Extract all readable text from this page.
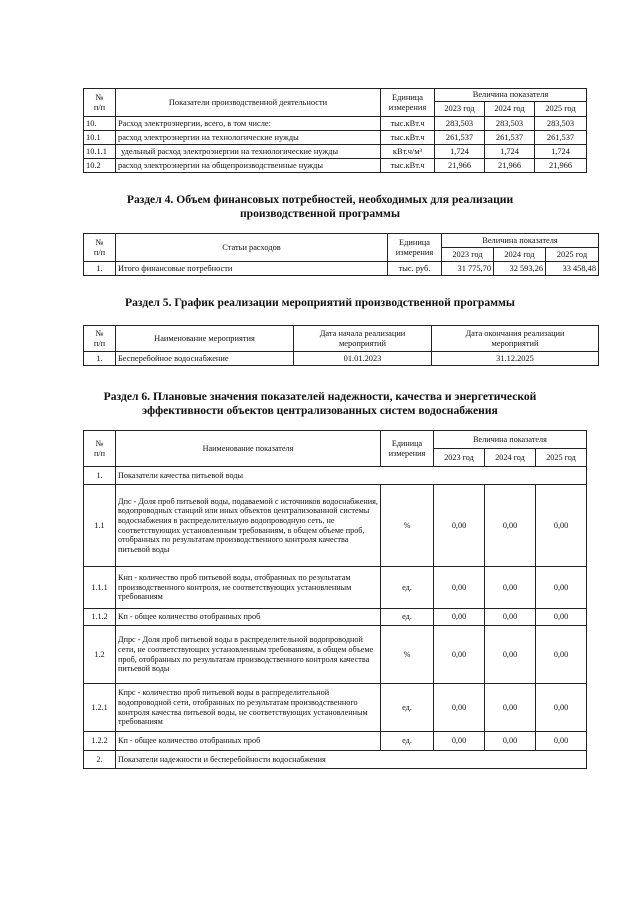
№
п/п	Показатели производственной деятельности	Единица
измерения	Величина показателя		
			2023 год	2024 год	2025 год
10.	Расход электроэнергии, всего, в том числе:	тыс.кВт.ч	283,503	283,503	283,503
10.1	расход электроэнергии на технологические нужды	тыс.кВт.ч	261,537	261,537	261,537
10.1.1	удельный расход электроэнергии на технологические нужды	кВт.ч/м³	1,724	1,724	1,724
10.2	расход электроэнергии на общепроизводственные нужды	тыс.кВт.ч	21,966	21,966	21,966
Раздел 4. Объем финансовых потребностей, необходимых для реализации
производственной программы
№
п/п	Статьи расходов	Единица
измерения	Величина показателя		
			2023 год	2024 год	2025 год
1.	Итого финансовые потребности	тыс. руб.	31 775,70	32 593,26	33 458,48
Раздел 5. График реализации мероприятий производственной программы
№
п/п	Наименование мероприятия	Дата начала реализации
мероприятий	Дата окончания реализации
мероприятий
1.	Бесперебойное водоснабжение	01.01.2023	31.12.2025
Раздел 6. Плановые значения показателей надежности, качества и энергетической
эффективности объектов централизованных систем водоснабжения
№
п/п	Наименование показателя	Единица
измерения	Величина показателя		
			2023 год	2024 год	2025 год
1.	Показатели качества питьевой воды				
1.1	Дпс - Доля проб питьевой воды, подаваемой с источников водоснабжения, водопроводных станций или иных объектов централизованной системы водоснабжения в распределительную водопроводную сеть, не соответствующих установленным требованиям, в общем объеме проб, отобранных по результатам производственного контроля качества питьевой воды	%	0,00	0,00	0,00
1.1.1	Кнп - количество проб питьевой воды, отобранных по результатам производственного контроля, не соответствующих установленным требованиям	ед.	0,00	0,00	0,00
1.1.2	Кп - общее количество отобранных проб	ед.	0,00	0,00	0,00
1.2	Дпрс - Доля проб питьевой воды в распределительной водопроводной сети, не соответствующих установленным требованиям, в общем объеме проб, отобранных по результатам производственного контроля качества питьевой воды	%	0,00	0,00	0,00
1.2.1	Кпрс - количество проб питьевой воды в распределительной водопроводной сети, отобранных по результатам производственного контроля качества питьевой воды, не соответствующих установленным требованиям	ед.	0,00	0,00	0,00
1.2.2	Кп - общее количество отобранных проб	ед.	0,00	0,00	0,00
2.	Показатели надежности и бесперебойности водоснабжения				
